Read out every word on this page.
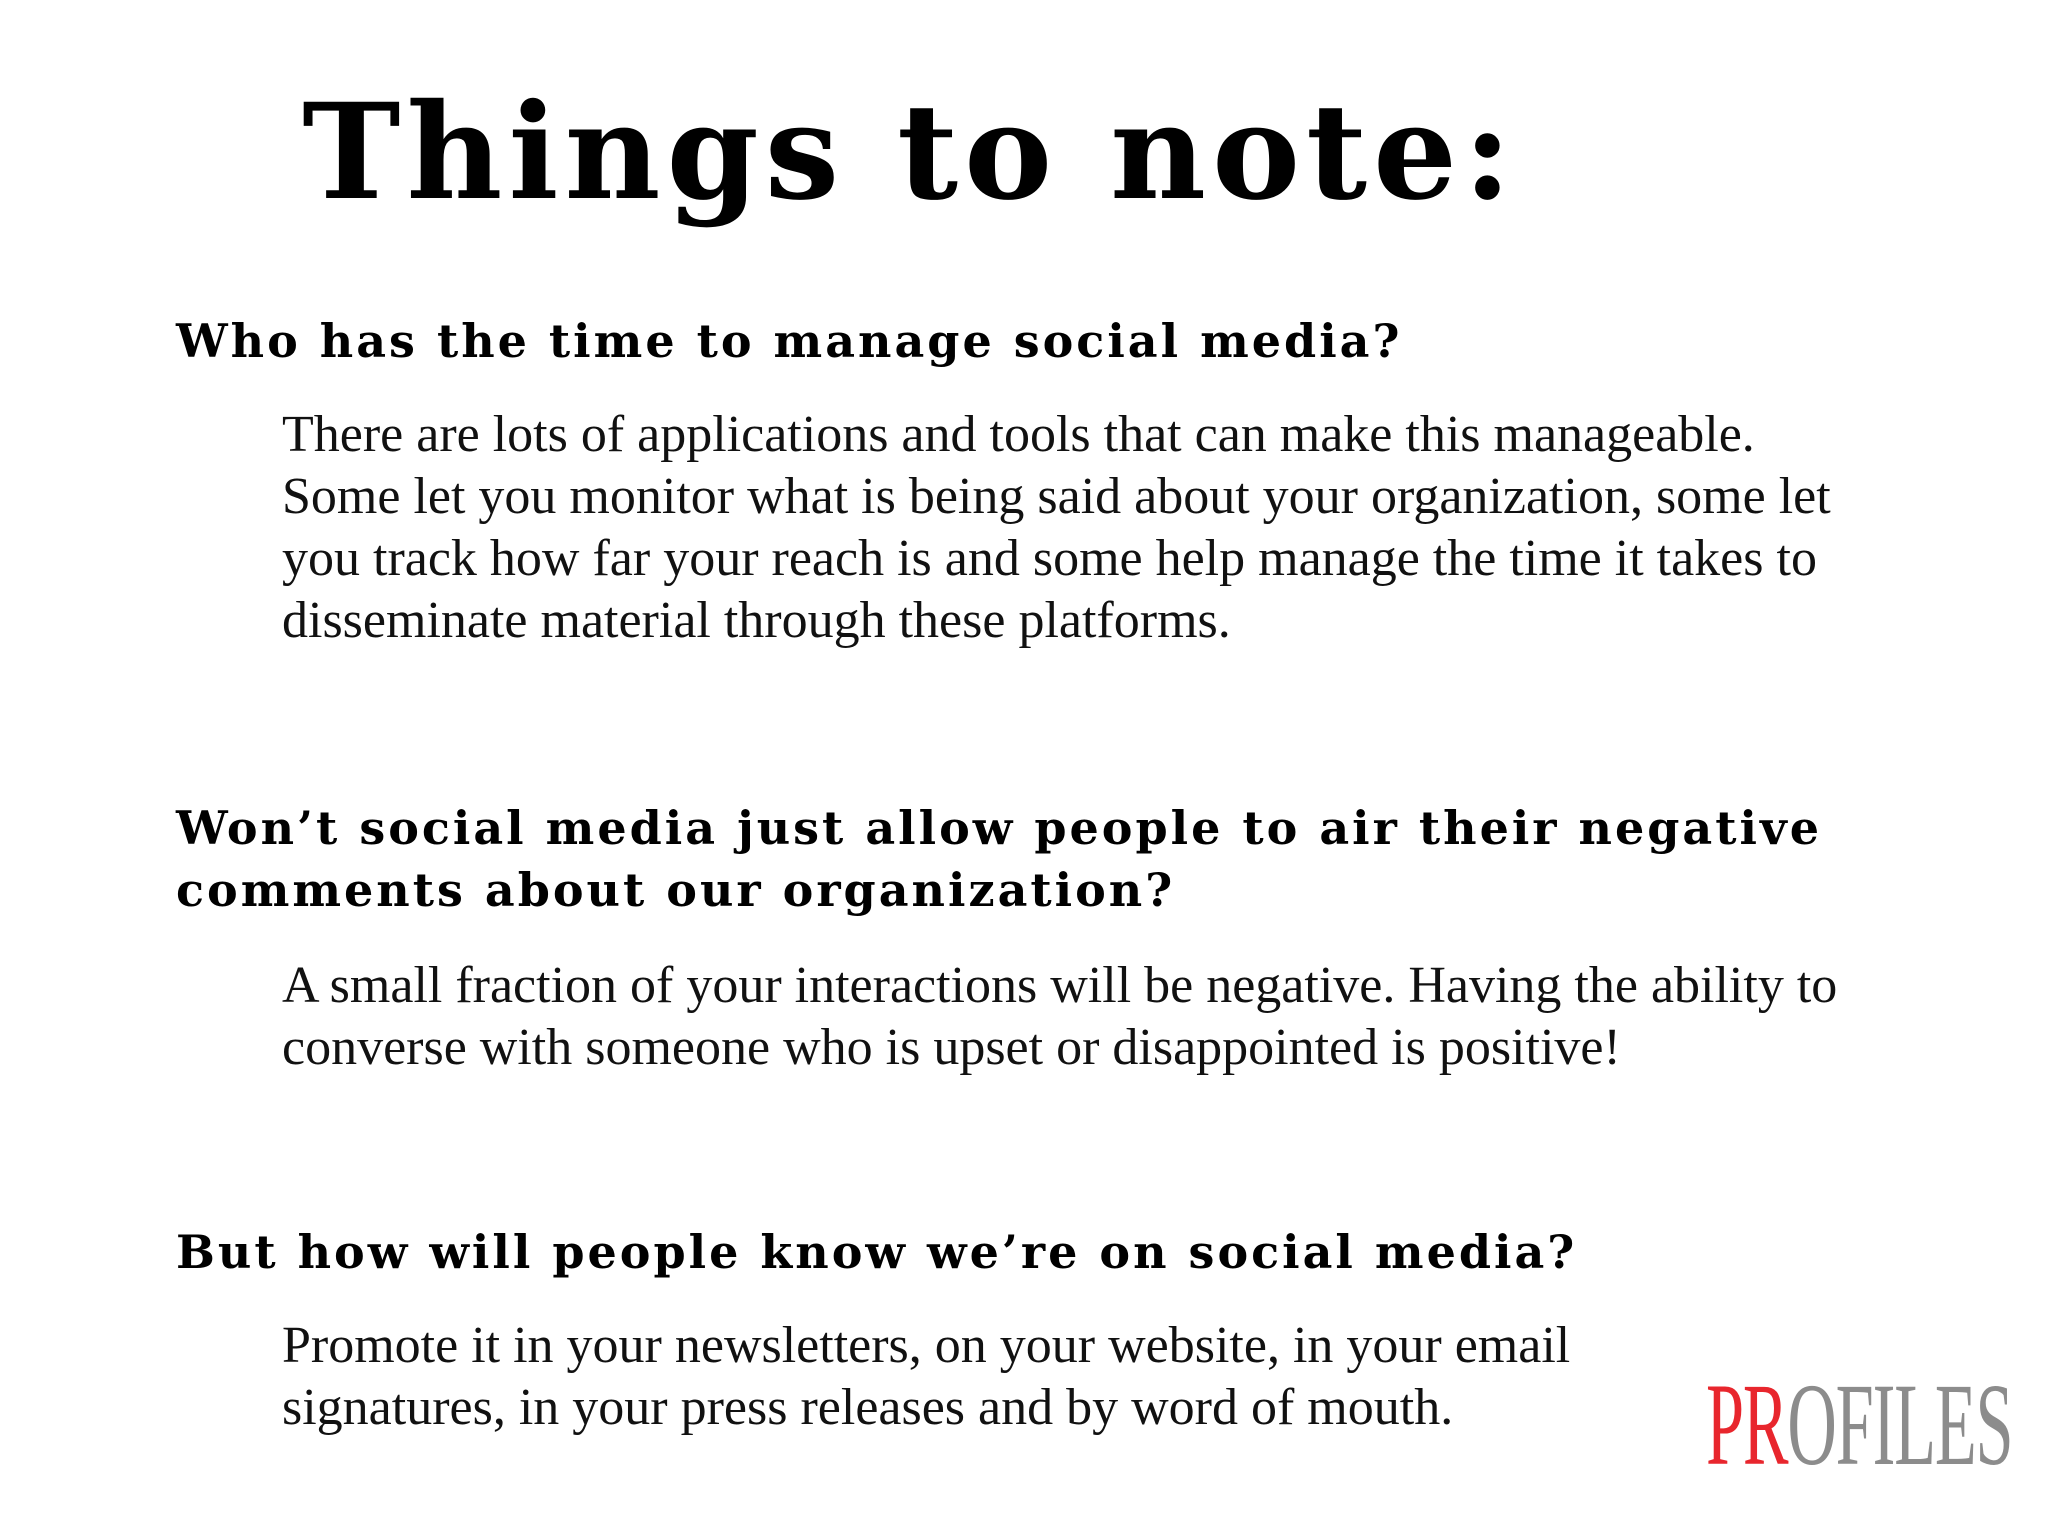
Things to note:
Who has the time to manage social media?

There are lots of applications and tools that can make this manageable. Some let you monitor what is being said about your organization, some let you track how far your reach is and some help manage the time it takes to disseminate material through these platforms.

Won’t social media just allow people to air their negative comments about our organization?

A small fraction of your interactions will be negative. Having the ability to converse with someone who is upset or disappointed is positive!

But how will people know we’re on social media?

Promote it in your newsletters, on your website, in your email signatures, in your press releases and by word of mouth.	PROFILES
